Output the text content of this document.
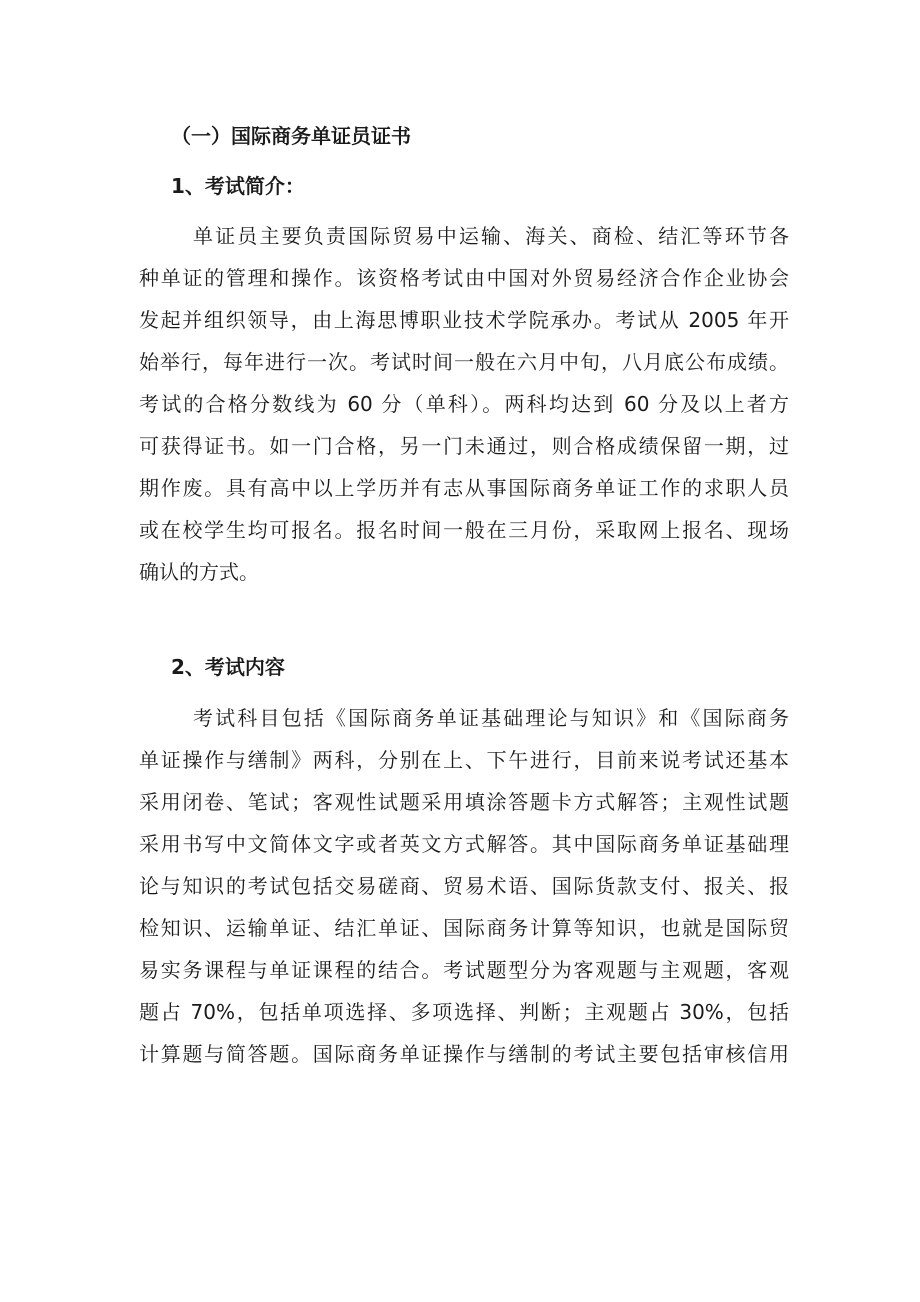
（一）国际商务单证员证书
1、考试简介：
单证员主要负责国际贸易中运输、海关、商检、结汇等环节各
种单证的管理和操作。该资格考试由中国对外贸易经济合作企业协会
发起并组织领导，由上海思博职业技术学院承办。考试从 2005 年开
始举行，每年进行一次。考试时间一般在六月中旬，八月底公布成绩。
考试的合格分数线为 60 分（单科）。两科均达到 60 分及以上者方
可获得证书。如一门合格，另一门未通过，则合格成绩保留一期，过
期作废。具有高中以上学历并有志从事国际商务单证工作的求职人员
或在校学生均可报名。报名时间一般在三月份，采取网上报名、现场
确认的方式。
2、考试内容
考试科目包括《国际商务单证基础理论与知识》和《国际商务
单证操作与缮制》两科，分别在上、下午进行，目前来说考试还基本
采用闭卷、笔试；客观性试题采用填涂答题卡方式解答；主观性试题
采用书写中文简体文字或者英文方式解答。其中国际商务单证基础理
论与知识的考试包括交易磋商、贸易术语、国际货款支付、报关、报
检知识、运输单证、结汇单证、国际商务计算等知识，也就是国际贸
易实务课程与单证课程的结合。考试题型分为客观题与主观题，客观
题占 70%，包括单项选择、多项选择、判断；主观题占 30%，包括
计算题与简答题。国际商务单证操作与缮制的考试主要包括审核信用
